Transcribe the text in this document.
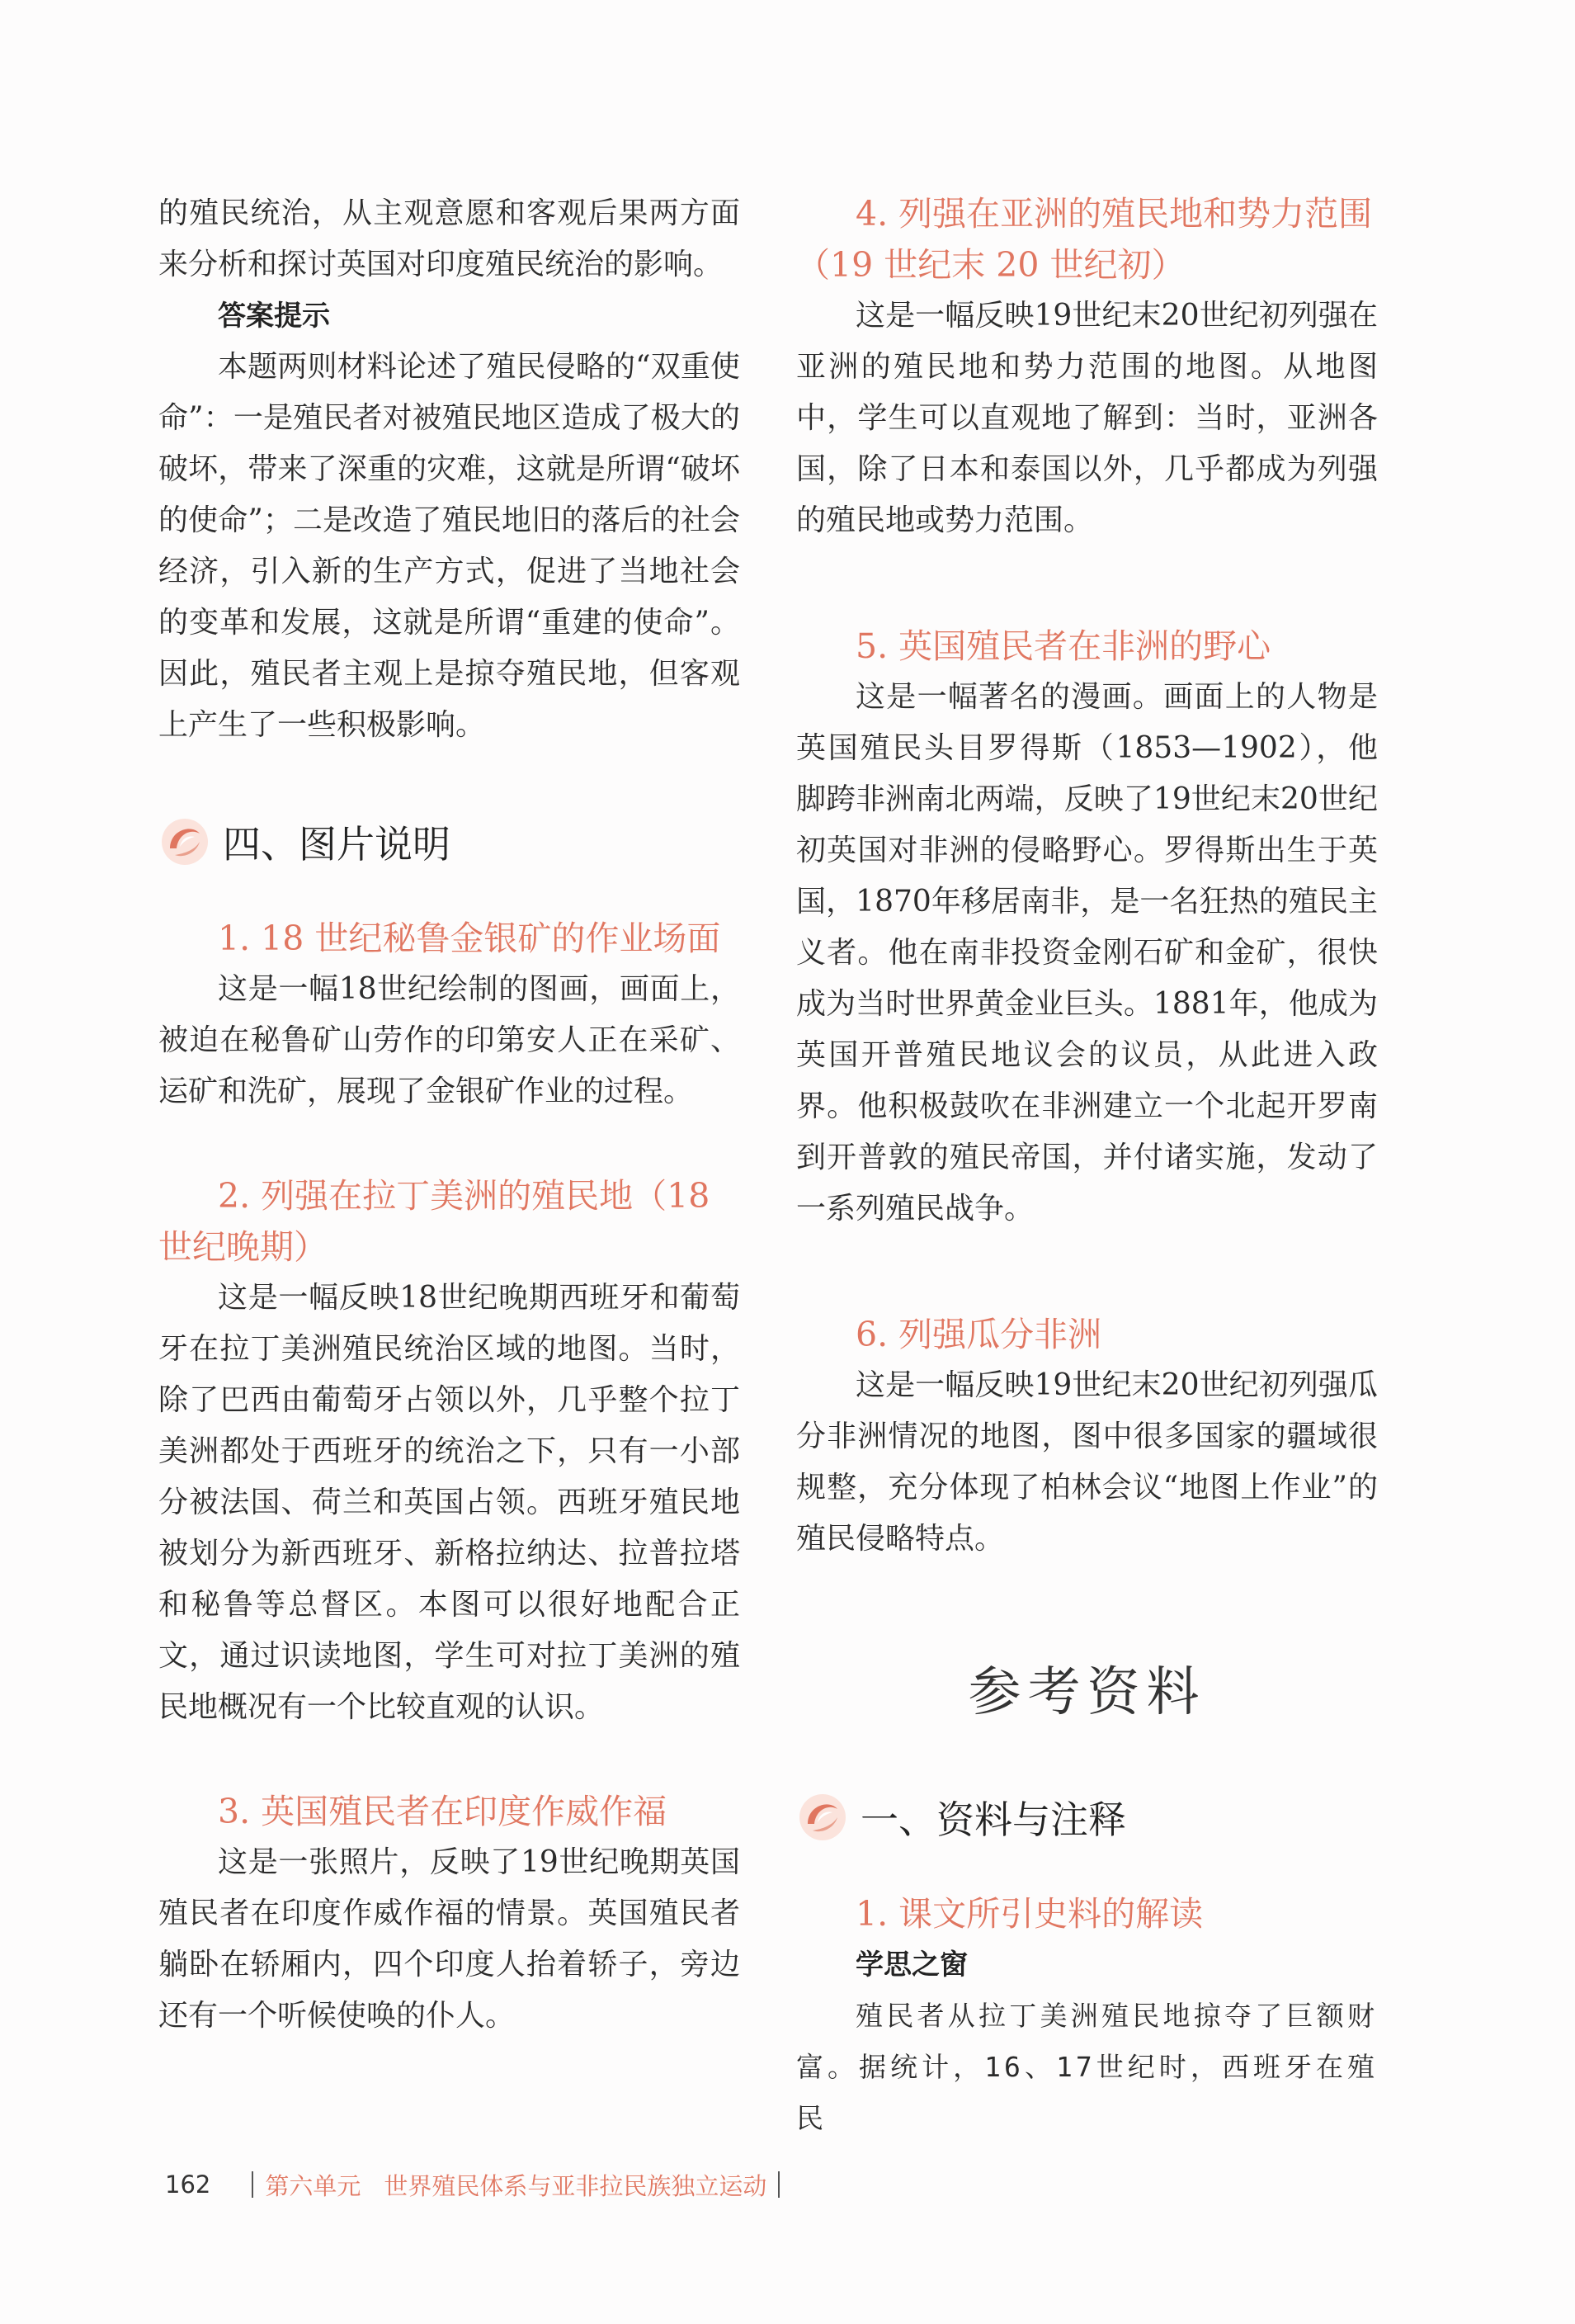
的殖民统治，从主观意愿和客观后果两方面来分析和探讨英国对印度殖民统治的影响。

答案提示

本题两则材料论述了殖民侵略的“双重使命”：一是殖民者对被殖民地区造成了极大的破坏，带来了深重的灾难，这就是所谓“破坏的使命”；二是改造了殖民地旧的落后的社会经济，引入新的生产方式，促进了当地社会的变革和发展，这就是所谓“重建的使命”。因此，殖民者主观上是掠夺殖民地，但客观上产生了一些积极影响。

四、图片说明

1. 18 世纪秘鲁金银矿的作业场面

这是一幅18世纪绘制的图画，画面上，被迫在秘鲁矿山劳作的印第安人正在采矿、运矿和洗矿，展现了金银矿作业的过程。

2. 列强在拉丁美洲的殖民地（18世纪晚期）

这是一幅反映18世纪晚期西班牙和葡萄牙在拉丁美洲殖民统治区域的地图。当时，除了巴西由葡萄牙占领以外，几乎整个拉丁美洲都处于西班牙的统治之下，只有一小部分被法国、荷兰和英国占领。西班牙殖民地被划分为新西班牙、新格拉纳达、拉普拉塔和秘鲁等总督区。本图可以很好地配合正文，通过识读地图，学生可对拉丁美洲的殖民地概况有一个比较直观的认识。

3. 英国殖民者在印度作威作福

这是一张照片，反映了19世纪晚期英国殖民者在印度作威作福的情景。英国殖民者躺卧在轿厢内，四个印度人抬着轿子，旁边还有一个听候使唤的仆人。

4. 列强在亚洲的殖民地和势力范围（19 世纪末 20 世纪初）

这是一幅反映19世纪末20世纪初列强在亚洲的殖民地和势力范围的地图。从地图中，学生可以直观地了解到：当时，亚洲各国，除了日本和泰国以外，几乎都成为列强的殖民地或势力范围。

5. 英国殖民者在非洲的野心

这是一幅著名的漫画。画面上的人物是英国殖民头目罗得斯（1853—1902），他脚跨非洲南北两端，反映了19世纪末20世纪初英国对非洲的侵略野心。罗得斯出生于英国，1870年移居南非，是一名狂热的殖民主义者。他在南非投资金刚石矿和金矿，很快成为当时世界黄金业巨头。1881年，他成为英国开普殖民地议会的议员，从此进入政界。他积极鼓吹在非洲建立一个北起开罗南到开普敦的殖民帝国，并付诸实施，发动了一系列殖民战争。

6. 列强瓜分非洲

这是一幅反映19世纪末20世纪初列强瓜分非洲情况的地图，图中很多国家的疆域很规整，充分体现了柏林会议“地图上作业”的殖民侵略特点。

参考资料

一、资料与注释

1. 课文所引史料的解读

学思之窗

殖民者从拉丁美洲殖民地掠夺了巨额财富。据统计，16、17世纪时，西班牙在殖民

162 第六单元 世界殖民体系与亚非拉民族独立运动
